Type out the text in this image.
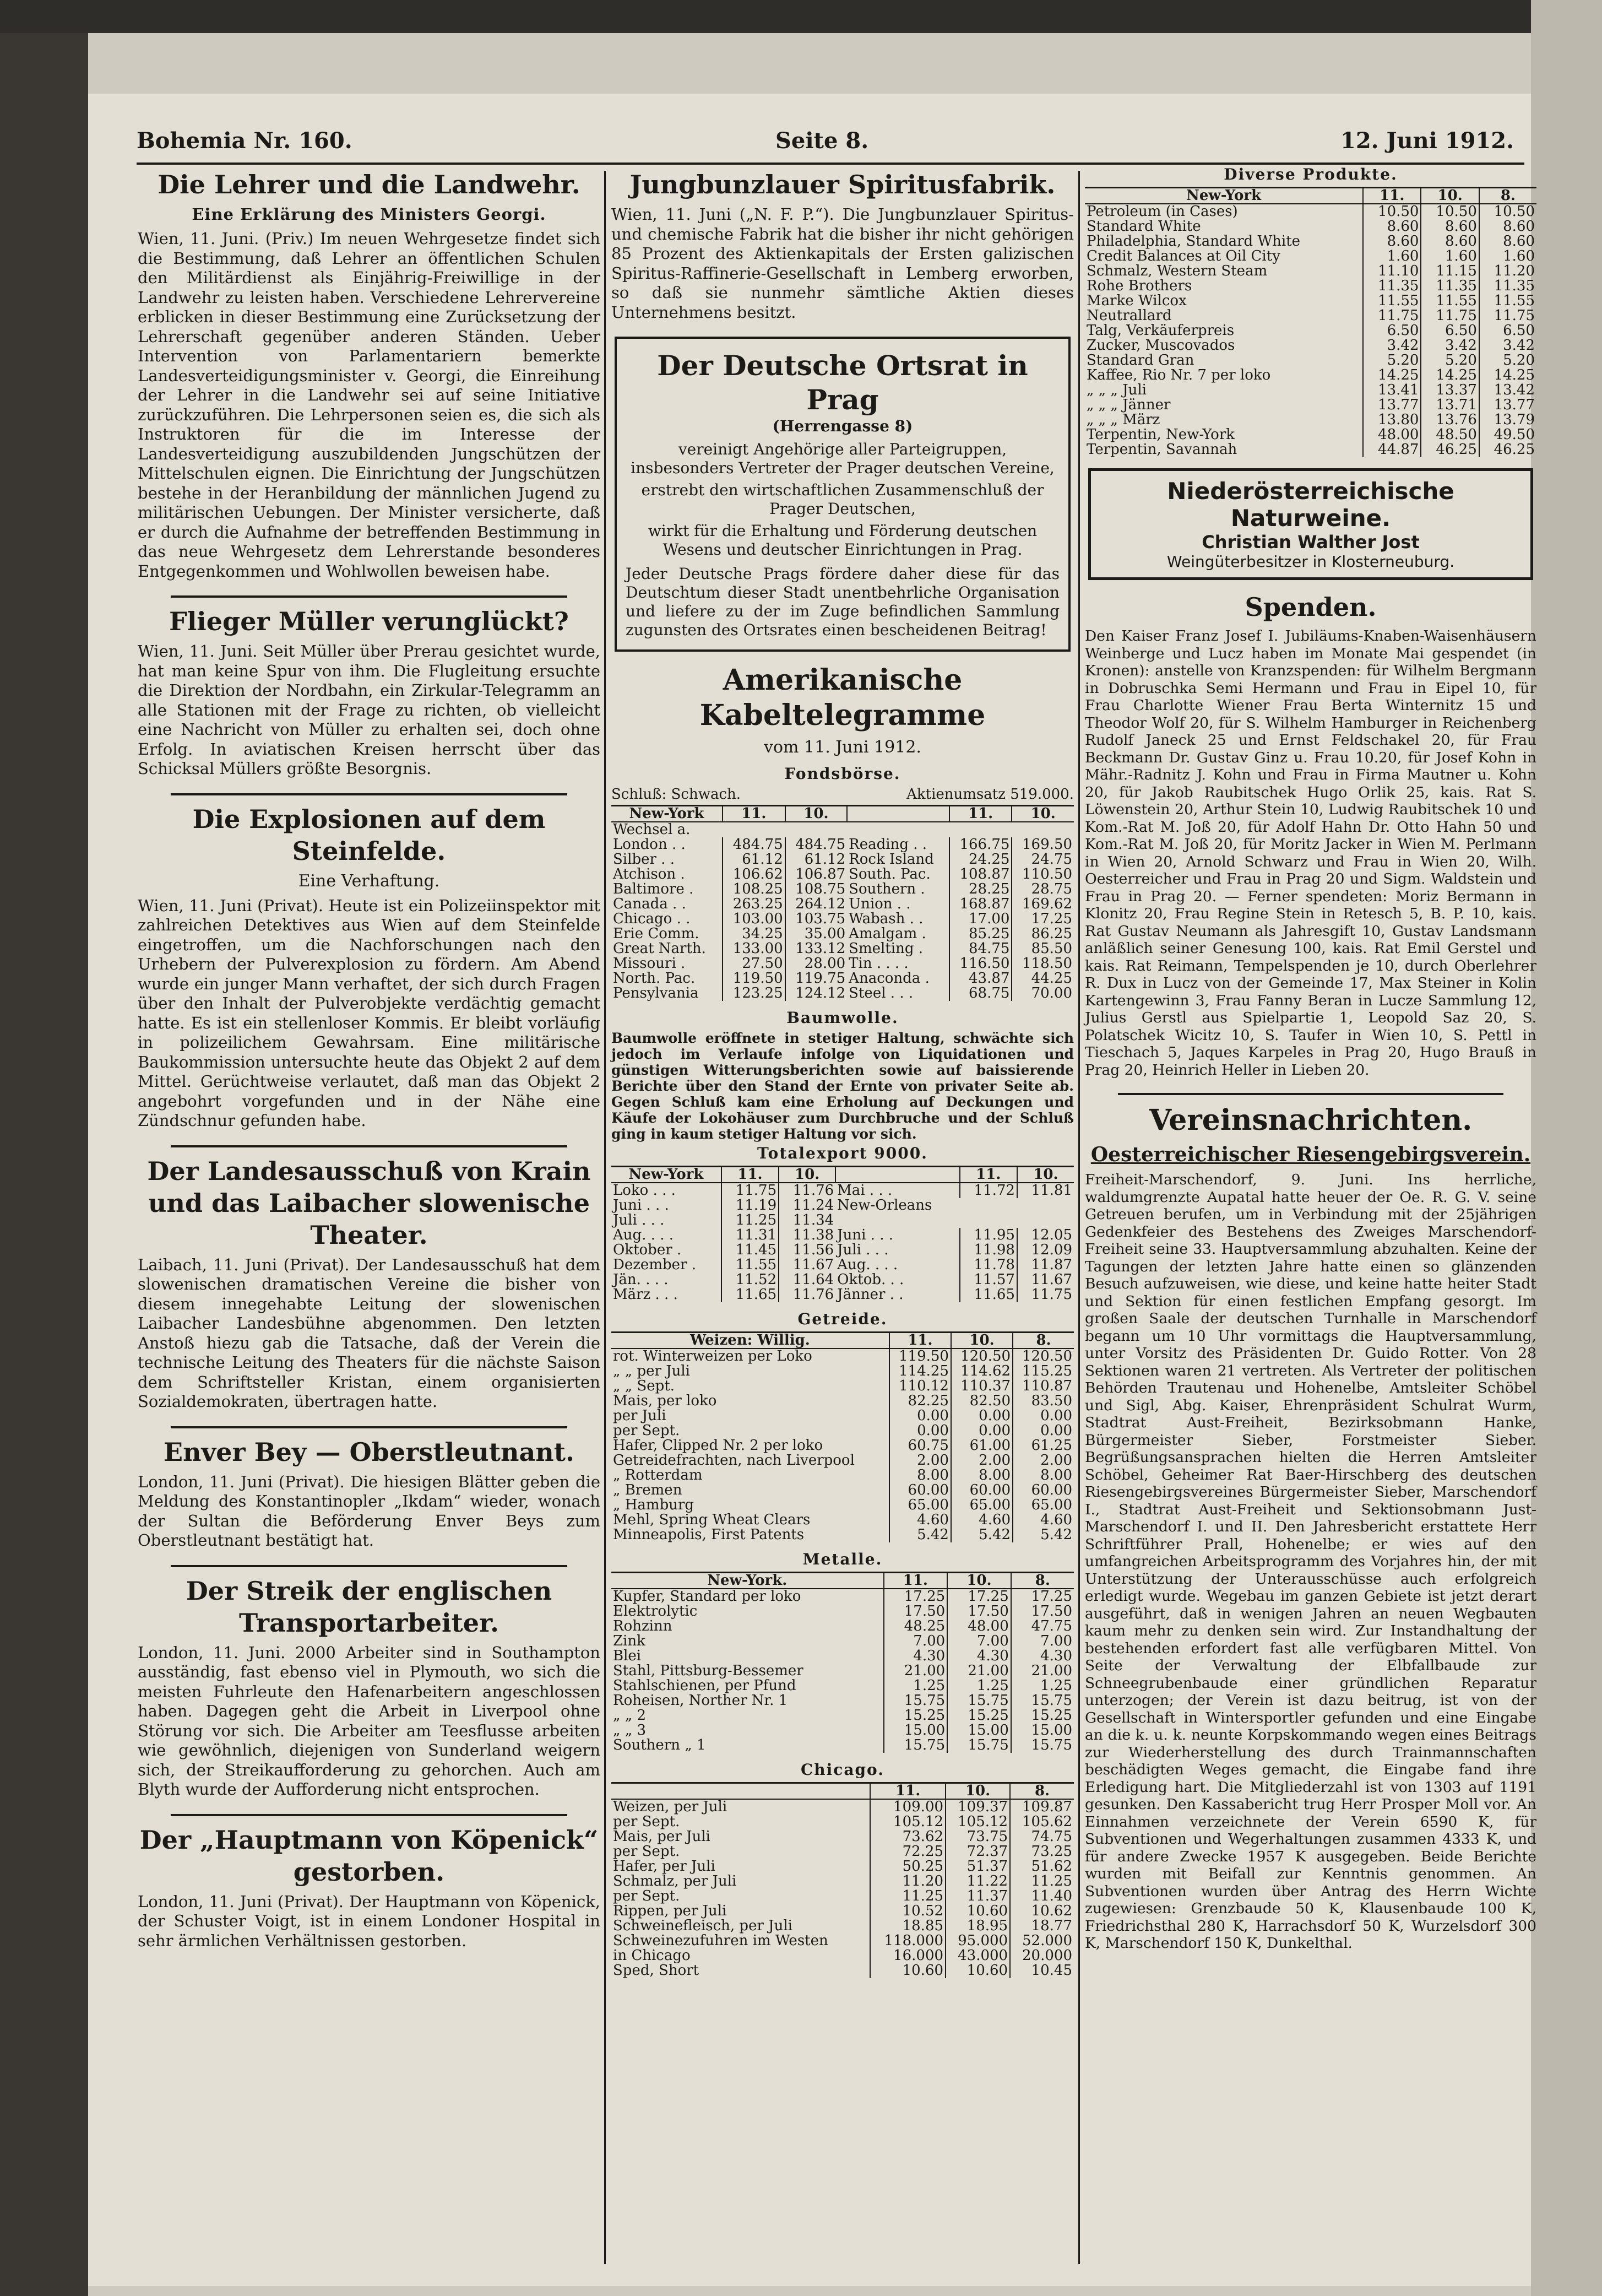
Bohemia Nr. 160.	Seite 8.	12. Juni 1912.
Die Lehrer und die Landwehr.
Eine Erklärung des Ministers Georgi.
Wien, 11. Juni. (Priv.) Im neuen Wehrgesetze findet sich die Bestimmung, daß Lehrer an öffentlichen Schulen den Militärdienst als Einjährig-Freiwillige in der Landwehr zu leisten haben. Verschiedene Lehrervereine erblicken in dieser Bestimmung eine Zurücksetzung der Lehrerschaft gegenüber anderen Ständen. Ueber Intervention von Parlamentariern bemerkte Landesverteidigungsminister v. Georgi, die Einreihung der Lehrer in die Landwehr sei auf seine Initiative zurückzuführen. Die Lehrpersonen seien es, die sich als Instruktoren für die im Interesse der Landesverteidigung auszubildenden Jungschützen der Mittelschulen eignen. Die Einrichtung der Jungschützen bestehe in der Heranbildung der männlichen Jugend zu militärischen Uebungen. Der Minister versicherte, daß er durch die Aufnahme der betreffenden Bestimmung in das neue Wehrgesetz dem Lehrerstande besonderes Entgegenkommen und Wohlwollen beweisen habe.
Flieger Müller verunglückt?
Wien, 11. Juni. Seit Müller über Prerau gesichtet wurde, hat man keine Spur von ihm. Die Flugleitung ersuchte die Direktion der Nordbahn, ein Zirkular-Telegramm an alle Stationen mit der Frage zu richten, ob vielleicht eine Nachricht von Müller zu erhalten sei, doch ohne Erfolg. In aviatischen Kreisen herrscht über das Schicksal Müllers größte Besorgnis.
Die Explosionen auf dem Steinfelde.
Eine Verhaftung.
Wien, 11. Juni (Privat). Heute ist ein Polizeiinspektor mit zahlreichen Detektives aus Wien auf dem Steinfelde eingetroffen, um die Nachforschungen nach den Urhebern der Pulverexplosion zu fördern. Am Abend wurde ein junger Mann verhaftet, der sich durch Fragen über den Inhalt der Pulverobjekte verdächtig gemacht hatte. Es ist ein stellenloser Kommis. Er bleibt vorläufig in polizeilichem Gewahrsam. Eine militärische Baukommission untersuchte heute das Objekt 2 auf dem Mittel. Gerüchtweise verlautet, daß man das Objekt 2 angebohrt vorgefunden und in der Nähe eine Zündschnur gefunden habe.
Der Landesausschuß von Krain und das Laibacher slowenische Theater.
Laibach, 11. Juni (Privat). Der Landesausschuß hat dem slowenischen dramatischen Vereine die bisher von diesem innegehabte Leitung der slowenischen Laibacher Landesbühne abgenommen. Den letzten Anstoß hiezu gab die Tatsache, daß der Verein die technische Leitung des Theaters für die nächste Saison dem Schriftsteller Kristan, einem organisierten Sozialdemokraten, übertragen hatte.
Enver Bey — Oberstleutnant.
London, 11. Juni (Privat). Die hiesigen Blätter geben die Meldung des Konstantinopler „Ikdam“ wieder, wonach der Sultan die Beförderung Enver Beys zum Oberstleutnant bestätigt hat.
Der Streik der englischen Transportarbeiter.
London, 11. Juni. 2000 Arbeiter sind in Southampton ausständig, fast ebenso viel in Plymouth, wo sich die meisten Fuhrleute den Hafenarbeitern angeschlossen haben. Dagegen geht die Arbeit in Liverpool ohne Störung vor sich. Die Arbeiter am Teesflusse arbeiten wie gewöhnlich, diejenigen von Sunderland weigern sich, der Streikaufforderung zu gehorchen. Auch am Blyth wurde der Aufforderung nicht entsprochen.
Der „Hauptmann von Köpenick“ gestorben.
London, 11. Juni (Privat). Der Hauptmann von Köpenick, der Schuster Voigt, ist in einem Londoner Hospital in sehr ärmlichen Verhältnissen gestorben.
Jungbunzlauer Spiritusfabrik.
Wien, 11. Juni („N. F. P.“). Die Jungbunzlauer Spiritus- und chemische Fabrik hat die bisher ihr nicht gehörigen 85 Prozent des Aktienkapitals der Ersten galizischen Spiritus-Raffinerie-Gesellschaft in Lemberg erworben, so daß sie nunmehr sämtliche Aktien dieses Unternehmens besitzt.
Der Deutsche Ortsrat in Prag
(Herrengasse 8)
vereinigt Angehörige aller Parteigruppen, insbesonders Vertreter der Prager deutschen Vereine,
erstrebt den wirtschaftlichen Zusammenschluß der Prager Deutschen,
wirkt für die Erhaltung und Förderung deutschen Wesens und deutscher Einrichtungen in Prag.
Jeder Deutsche Prags fördere daher diese für das Deutschtum dieser Stadt unentbehrliche Organisation und liefere zu der im Zuge befindlichen Sammlung zugunsten des Ortsrates einen bescheidenen Beitrag!
Amerikanische Kabeltelegramme
vom 11. Juni 1912.
Fondsbörse.
Schluß: Schwach.	Aktienumsatz 519.000.
New-York	11.	10.		11.	10.
Wechsel a.					
London . .	484.75	484.75	Reading . .	166.75	169.50
Silber . .	61.12	61.12	Rock Island	24.25	24.75
Atchison .	106.62	106.87	South. Pac.	108.87	110.50
Baltimore .	108.25	108.75	Southern .	28.25	28.75
Canada . .	263.25	264.12	Union . .	168.87	169.62
Chicago . .	103.00	103.75	Wabash . .	17.00	17.25
Erie Comm.	34.25	35.00	Amalgam .	85.25	86.25
Great Narth.	133.00	133.12	Smelting .	84.75	85.50
Missouri .	27.50	28.00	Tin . . . .	116.50	118.50
North. Pac.	119.50	119.75	Anaconda .	43.87	44.25
Pensylvania	123.25	124.12	Steel . . .	68.75	70.00
Baumwolle.
Baumwolle eröffnete in stetiger Haltung, schwächte sich jedoch im Verlaufe infolge von Liquidationen und günstigen Witterungsberichten sowie auf baissierende Berichte über den Stand der Ernte von privater Seite ab. Gegen Schluß kam eine Erholung auf Deckungen und Käufe der Lokohäuser zum Durchbruche und der Schluß ging in kaum stetiger Haltung vor sich.
Totalexport 9000.
New-York	11.	10.		11.	10.
Loko . . .	11.75	11.76	Mai . . .	11.72	11.81
Juni . . .	11.19	11.24	New-Orleans		
Juli . . .	11.25	11.34			
Aug. . . .	11.31	11.38	Juni . . .	11.95	12.05
Oktober .	11.45	11.56	Juli . . .	11.98	12.09
Dezember .	11.55	11.67	Aug. . . .	11.78	11.87
Jän. . . .	11.52	11.64	Oktob. . .	11.57	11.67
März . . .	11.65	11.76	Jänner . .	11.65	11.75
Getreide.
Weizen: Willig.	11.	10.	8.
rot. Winterweizen per Loko	119.50	120.50	120.50
„ „ per Juli	114.25	114.62	115.25
„ „ Sept.	110.12	110.37	110.87
Mais, per loko	82.25	82.50	83.50
per Juli	0.00	0.00	0.00
per Sept.	0.00	0.00	0.00
Hafer, Clipped Nr. 2 per loko	60.75	61.00	61.25
Getreidefrachten, nach Liverpool	2.00	2.00	2.00
„ Rotterdam	8.00	8.00	8.00
„ Bremen	60.00	60.00	60.00
„ Hamburg	65.00	65.00	65.00
Mehl, Spring Wheat Clears	4.60	4.60	4.60
Minneapolis, First Patents	5.42	5.42	5.42
Metalle.
New-York.	11.	10.	8.
Kupfer, Standard per loko	17.25	17.25	17.25
Elektrolytic	17.50	17.50	17.50
Rohzinn	48.25	48.00	47.75
Zink	7.00	7.00	7.00
Blei	4.30	4.30	4.30
Stahl, Pittsburg-Bessemer	21.00	21.00	21.00
Stahlschienen, per Pfund	1.25	1.25	1.25
Roheisen, Norther Nr. 1	15.75	15.75	15.75
„ „ 2	15.25	15.25	15.25
„ „ 3	15.00	15.00	15.00
Southern „ 1	15.75	15.75	15.75
Chicago.
	11.	10.	8.
Weizen, per Juli	109.00	109.37	109.87
per Sept.	105.12	105.12	105.62
Mais, per Juli	73.62	73.75	74.75
per Sept.	72.25	72.37	73.25
Hafer, per Juli	50.25	51.37	51.62
Schmalz, per Juli	11.20	11.22	11.25
per Sept.	11.25	11.37	11.40
Rippen, per Juli	10.52	10.60	10.62
Schweinefleisch, per Juli	18.85	18.95	18.77
Schweinezufuhren im Westen	118.000	95.000	52.000
in Chicago	16.000	43.000	20.000
Sped, Short	10.60	10.60	10.45
Diverse Produkte.
New-York	11.	10.	8.
Petroleum (in Cases)	10.50	10.50	10.50
Standard White	8.60	8.60	8.60
Philadelphia, Standard White	8.60	8.60	8.60
Credit Balances at Oil City	1.60	1.60	1.60
Schmalz, Western Steam	11.10	11.15	11.20
Rohe Brothers	11.35	11.35	11.35
Marke Wilcox	11.55	11.55	11.55
Neutrallard	11.75	11.75	11.75
Talg, Verkäuferpreis	6.50	6.50	6.50
Zucker, Muscovados	3.42	3.42	3.42
Standard Gran	5.20	5.20	5.20
Kaffee, Rio Nr. 7 per loko	14.25	14.25	14.25
„ „ „ Juli	13.41	13.37	13.42
„ „ „ Jänner	13.77	13.71	13.77
„ „ „ März	13.80	13.76	13.79
Terpentin, New-York	48.00	48.50	49.50
Terpentin, Savannah	44.87	46.25	46.25
Niederösterreichische Naturweine.
Christian Walther Jost
Weingüterbesitzer in Klosterneuburg.
Spenden.
Den Kaiser Franz Josef I. Jubiläums-Knaben-Waisenhäusern Weinberge und Lucz haben im Monate Mai gespendet (in Kronen): anstelle von Kranzspenden: für Wilhelm Bergmann in Dobruschka Semi Hermann und Frau in Eipel 10, für Frau Charlotte Wiener Frau Berta Winternitz 15 und Theodor Wolf 20, für S. Wilhelm Hamburger in Reichenberg Rudolf Janeck 25 und Ernst Feldschakel 20, für Frau Beckmann Dr. Gustav Ginz u. Frau 10.20, für Josef Kohn in Mähr.-Radnitz J. Kohn und Frau in Firma Mautner u. Kohn 20, für Jakob Raubitschek Hugo Orlik 25, kais. Rat S. Löwenstein 20, Arthur Stein 10, Ludwig Raubitschek 10 und Kom.-Rat M. Joß 20, für Adolf Hahn Dr. Otto Hahn 50 und Kom.-Rat M. Joß 20, für Moritz Jacker in Wien M. Perlmann in Wien 20, Arnold Schwarz und Frau in Wien 20, Wilh. Oesterreicher und Frau in Prag 20 und Sigm. Waldstein und Frau in Prag 20. — Ferner spendeten: Moriz Bermann in Klonitz 20, Frau Regine Stein in Retesch 5, B. P. 10, kais. Rat Gustav Neumann als Jahresgift 10, Gustav Landsmann anläßlich seiner Genesung 100, kais. Rat Emil Gerstel und kais. Rat Reimann, Tempelspenden je 10, durch Oberlehrer R. Dux in Lucz von der Gemeinde 17, Max Steiner in Kolin Kartengewinn 3, Frau Fanny Beran in Lucze Sammlung 12, Julius Gerstl aus Spielpartie 1, Leopold Saz 20, S. Polatschek Wicitz 10, S. Taufer in Wien 10, S. Pettl in Tieschach 5, Jaques Karpeles in Prag 20, Hugo Brauß in Prag 20, Heinrich Heller in Lieben 20.
Vereinsnachrichten.
Oesterreichischer Riesengebirgsverein.
Freiheit-Marschendorf, 9. Juni. Ins herrliche, waldumgrenzte Aupatal hatte heuer der Oe. R. G. V. seine Getreuen berufen, um in Verbindung mit der 25jährigen Gedenkfeier des Bestehens des Zweiges Marschendorf-Freiheit seine 33. Hauptversammlung abzuhalten. Keine der Tagungen der letzten Jahre hatte einen so glänzenden Besuch aufzuweisen, wie diese, und keine hatte heiter Stadt und Sektion für einen festlichen Empfang gesorgt. Im großen Saale der deutschen Turnhalle in Marschendorf begann um 10 Uhr vormittags die Hauptversammlung, unter Vorsitz des Präsidenten Dr. Guido Rotter. Von 28 Sektionen waren 21 vertreten. Als Vertreter der politischen Behörden Trautenau und Hohenelbe, Amtsleiter Schöbel und Sigl, Abg. Kaiser, Ehrenpräsident Schulrat Wurm, Stadtrat Aust-Freiheit, Bezirksobmann Hanke, Bürgermeister Sieber, Forstmeister Sieber. Begrüßungsansprachen hielten die Herren Amtsleiter Schöbel, Geheimer Rat Baer-Hirschberg des deutschen Riesengebirgsvereines Bürgermeister Sieber, Marschendorf I., Stadtrat Aust-Freiheit und Sektionsobmann Just-Marschendorf I. und II. Den Jahresbericht erstattete Herr Schriftführer Prall, Hohenelbe; er wies auf den umfangreichen Arbeitsprogramm des Vorjahres hin, der mit Unterstützung der Unterausschüsse auch erfolgreich erledigt wurde. Wegebau im ganzen Gebiete ist jetzt derart ausgeführt, daß in wenigen Jahren an neuen Wegbauten kaum mehr zu denken sein wird. Zur Instandhaltung der bestehenden erfordert fast alle verfügbaren Mittel. Von Seite der Verwaltung der Elbfallbaude zur Schneegrubenbaude einer gründlichen Reparatur unterzogen; der Verein ist dazu beitrug, ist von der Gesellschaft in Wintersportler gefunden und eine Eingabe an die k. u. k. neunte Korpskommando wegen eines Beitrags zur Wiederherstellung des durch Trainmannschaften beschädigten Weges gemacht, die Eingabe fand ihre Erledigung hart. Die Mitgliederzahl ist von 1303 auf 1191 gesunken. Den Kassabericht trug Herr Prosper Moll vor. An Einnahmen verzeichnete der Verein 6590 K, für Subventionen und Wegerhaltungen zusammen 4333 K, und für andere Zwecke 1957 K ausgegeben. Beide Berichte wurden mit Beifall zur Kenntnis genommen. An Subventionen wurden über Antrag des Herrn Wichte zugewiesen: Grenzbaude 50 K, Klausenbaude 100 K, Friedrichsthal 280 K, Harrachsdorf 50 K, Wurzelsdorf 300 K, Marschendorf 150 K, Dunkelthal.
